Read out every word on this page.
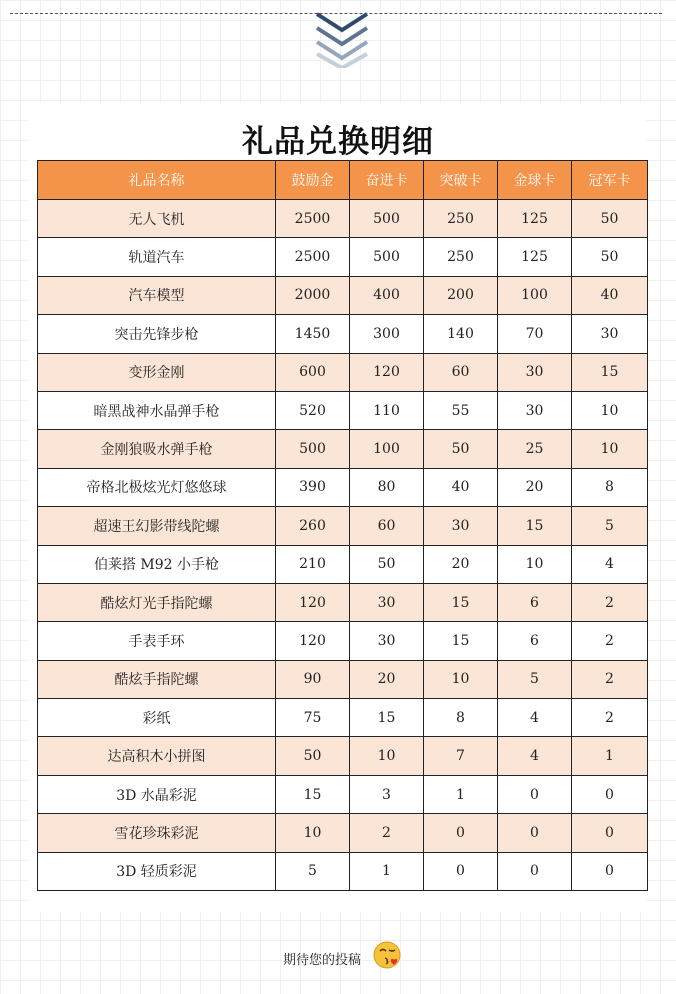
礼品兑换明细
礼品名称	鼓励金	奋进卡	突破卡	金球卡	冠军卡
无人飞机	2500	500	250	125	50
轨道汽车	2500	500	250	125	50
汽车模型	2000	400	200	100	40
突击先锋步枪	1450	300	140	70	30
变形金刚	600	120	60	30	15
暗黑战神水晶弹手枪	520	110	55	30	10
金刚狼吸水弹手枪	500	100	50	25	10
帝格北极炫光灯悠悠球	390	80	40	20	8
超速王幻影带线陀螺	260	60	30	15	5
伯莱搭 M92 小手枪	210	50	20	10	4
酷炫灯光手指陀螺	120	30	15	6	2
手表手环	120	30	15	6	2
酷炫手指陀螺	90	20	10	5	2
彩纸	75	15	8	4	2
达高积木小拼图	50	10	7	4	1
3D 水晶彩泥	15	3	1	0	0
雪花珍珠彩泥	10	2	0	0	0
3D 轻质彩泥	5	1	0	0	0
期待您的投稿
